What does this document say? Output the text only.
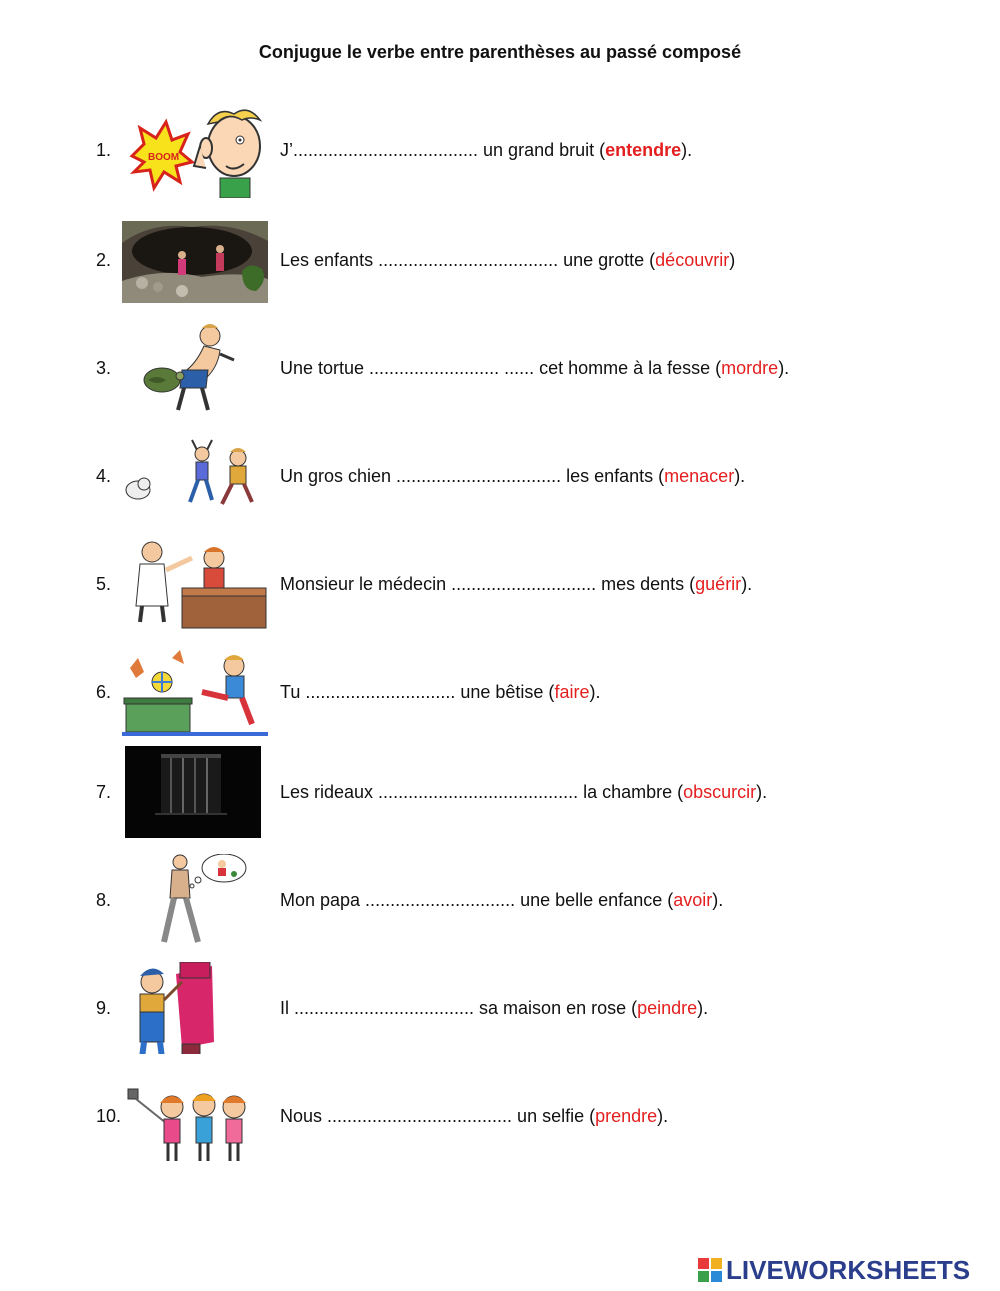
Conjugue le verbe entre parenthèses au passé composé
1.	BOOM	J’..................................... un grand bruit (entendre).
2.	Les enfants .................................... une grotte (découvrir)
3.	Une tortue .......................... ...... cet homme à la fesse (mordre).
4.	Un gros chien ................................. les enfants (menacer).
5.	Monsieur le médecin ............................. mes dents (guérir).
6.	Tu .............................. une bêtise (faire).
7.	Les rideaux ........................................ la chambre (obscurcir).
8.	Mon papa .............................. une belle enfance (avoir).
9.	Il .................................... sa maison en rose (peindre).
10.	Nous ..................................... un selfie (prendre).
LIVEWORKSHEETS
